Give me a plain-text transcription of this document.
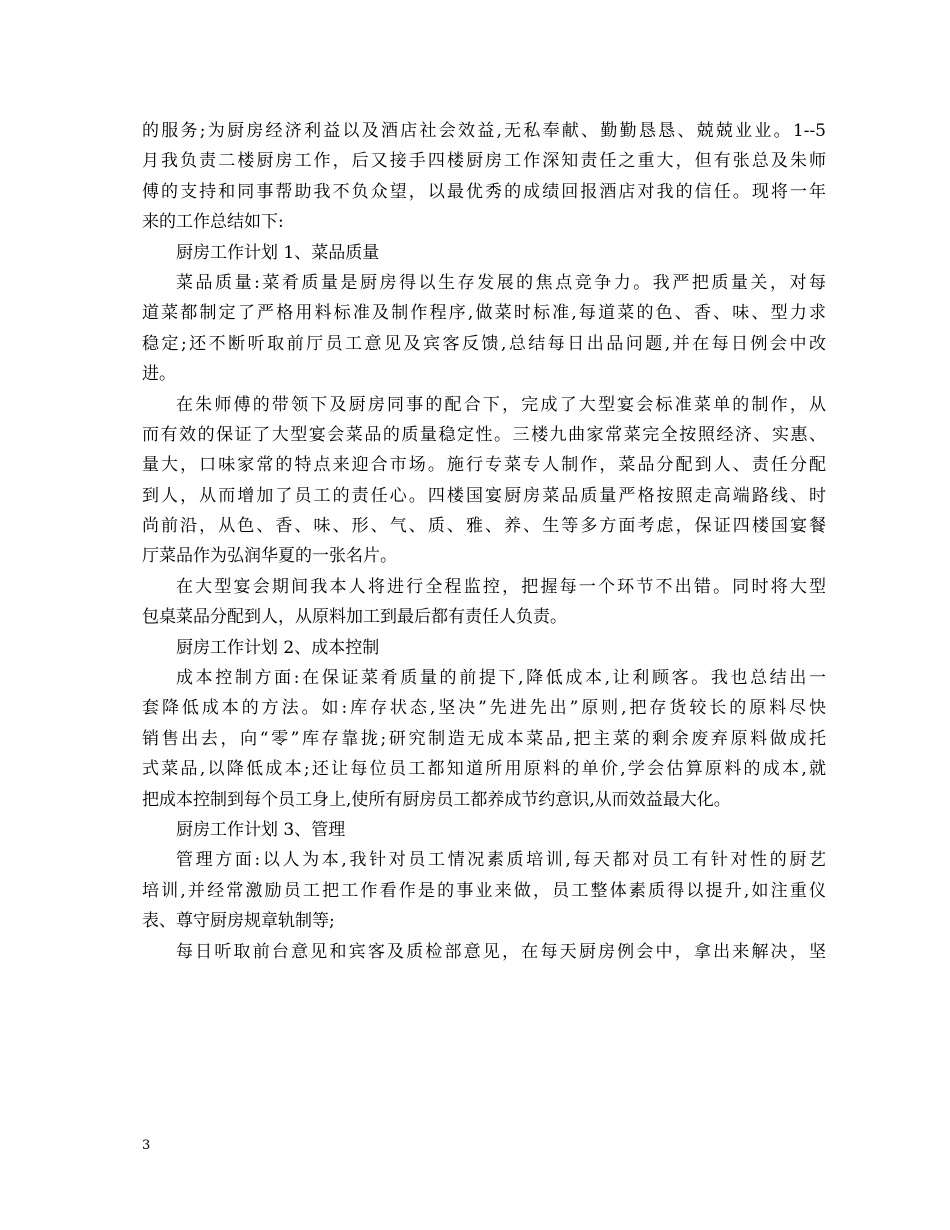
的服务;为厨房经济利益以及酒店社会效益,无私奉献、勤勤恳恳、兢兢业业。1--5
月我负责二楼厨房工作，后又接手四楼厨房工作深知责任之重大，但有张总及朱师
傅的支持和同事帮助我不负众望，以最优秀的成绩回报酒店对我的信任。现将一年
来的工作总结如下:
厨房工作计划 1、菜品质量
菜品质量:菜肴质量是厨房得以生存发展的焦点竞争力。我严把质量关，对每
道菜都制定了严格用料标准及制作程序,做菜时标准,每道菜的色、香、味、型力求
稳定;还不断听取前厅员工意见及宾客反馈,总结每日出品问题,并在每日例会中改
进。
在朱师傅的带领下及厨房同事的配合下，完成了大型宴会标准菜单的制作，从
而有效的保证了大型宴会菜品的质量稳定性。三楼九曲家常菜完全按照经济、实惠、
量大，口味家常的特点来迎合市场。施行专菜专人制作，菜品分配到人、责任分配
到人，从而增加了员工的责任心。四楼国宴厨房菜品质量严格按照走高端路线、时
尚前沿，从色、香、味、形、气、质、雅、养、生等多方面考虑，保证四楼国宴餐
厅菜品作为弘润华夏的一张名片。
在大型宴会期间我本人将进行全程监控，把握每一个环节不出错。同时将大型
包桌菜品分配到人，从原料加工到最后都有责任人负责。
厨房工作计划 2、成本控制
成本控制方面:在保证菜肴质量的前提下,降低成本,让利顾客。我也总结出一
套降低成本的方法。如:库存状态,坚决”先进先出”原则,把存货较长的原料尽快
销售出去，向“零”库存靠拢;研究制造无成本菜品,把主菜的剩余废弃原料做成托
式菜品,以降低成本;还让每位员工都知道所用原料的单价,学会估算原料的成本,就
把成本控制到每个员工身上,使所有厨房员工都养成节约意识,从而效益最大化。
厨房工作计划 3、管理
管理方面:以人为本,我针对员工情况素质培训,每天都对员工有针对性的厨艺
培训,并经常激励员工把工作看作是的事业来做，员工整体素质得以提升,如注重仪
表、尊守厨房规章轨制等;
每日听取前台意见和宾客及质检部意见，在每天厨房例会中，拿出来解决，坚
3
